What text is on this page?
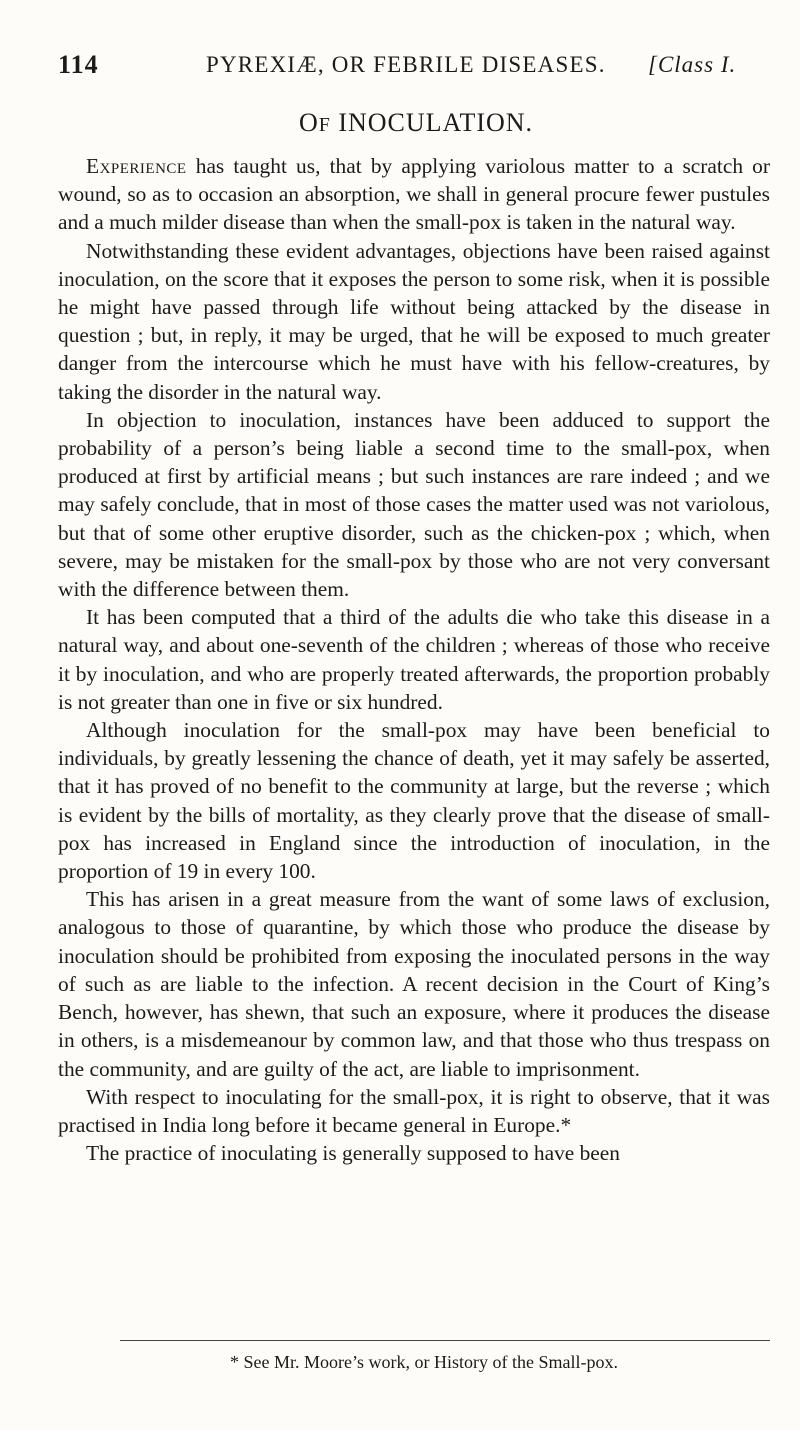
114	PYREXIÆ, OR FEBRILE DISEASES. [Class I.
OF INOCULATION.

Experience has taught us, that by applying variolous matter to a scratch or wound, so as to occasion an absorption, we shall in general procure fewer pustules and a much milder disease than when the small-pox is taken in the natural way.

Notwithstanding these evident advantages, objections have been raised against inoculation, on the score that it exposes the person to some risk, when it is possible he might have passed through life without being attacked by the disease in question ; but, in reply, it may be urged, that he will be exposed to much greater danger from the intercourse which he must have with his fellow-creatures, by taking the disorder in the natural way.

In objection to inoculation, instances have been adduced to support the probability of a person’s being liable a second time to the small-pox, when produced at first by artificial means ; but such instances are rare indeed ; and we may safely conclude, that in most of those cases the matter used was not variolous, but that of some other eruptive disorder, such as the chicken-pox ; which, when severe, may be mistaken for the small-pox by those who are not very conversant with the difference between them.

It has been computed that a third of the adults die who take this disease in a natural way, and about one-seventh of the children ; whereas of those who receive it by inoculation, and who are properly treated afterwards, the proportion probably is not greater than one in five or six hundred.

Although inoculation for the small-pox may have been beneficial to individuals, by greatly lessening the chance of death, yet it may safely be asserted, that it has proved of no benefit to the community at large, but the reverse ; which is evident by the bills of mortality, as they clearly prove that the disease of small-pox has increased in England since the introduction of inoculation, in the proportion of 19 in every 100.

This has arisen in a great measure from the want of some laws of exclusion, analogous to those of quarantine, by which those who produce the disease by inoculation should be prohibited from exposing the inoculated persons in the way of such as are liable to the infection. A recent decision in the Court of King’s Bench, however, has shewn, that such an exposure, where it produces the disease in others, is a misdemeanour by common law, and that those who thus trespass on the community, and are guilty of the act, are liable to imprisonment.

With respect to inoculating for the small-pox, it is right to observe, that it was practised in India long before it became general in Europe.*

The practice of inoculating is generally supposed to have been

* See Mr. Moore’s work, or History of the Small-pox.
